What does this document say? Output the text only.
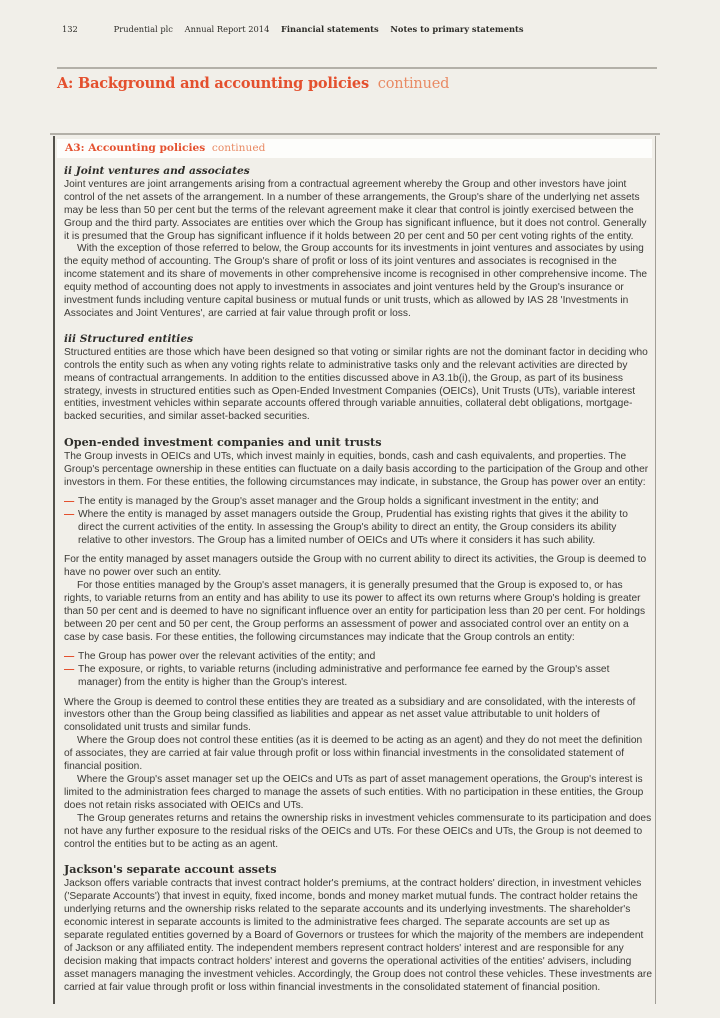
132	Prudential plc Annual Report 2014 Financial statements Notes to primary statements
A: Background and accounting policies continued
A3: Accounting policies continued
ii Joint ventures and associates

Joint ventures are joint arrangements arising from a contractual agreement whereby the Group and other investors have joint control of the net assets of the arrangement. In a number of these arrangements, the Group's share of the underlying net assets may be less than 50 per cent but the terms of the relevant agreement make it clear that control is jointly exercised between the Group and the third party. Associates are entities over which the Group has significant influence, but it does not control. Generally it is presumed that the Group has significant influence if it holds between 20 per cent and 50 per cent voting rights of the entity.

With the exception of those referred to below, the Group accounts for its investments in joint ventures and associates by using the equity method of accounting. The Group's share of profit or loss of its joint ventures and associates is recognised in the income statement and its share of movements in other comprehensive income is recognised in other comprehensive income. The equity method of accounting does not apply to investments in associates and joint ventures held by the Group's insurance or investment funds including venture capital business or mutual funds or unit trusts, which as allowed by IAS 28 'Investments in Associates and Joint Ventures', are carried at fair value through profit or loss.

iii Structured entities

Structured entities are those which have been designed so that voting or similar rights are not the dominant factor in deciding who controls the entity such as when any voting rights relate to administrative tasks only and the relevant activities are directed by means of contractual arrangements. In addition to the entities discussed above in A3.1b(i), the Group, as part of its business strategy, invests in structured entities such as Open-Ended Investment Companies (OEICs), Unit Trusts (UTs), variable interest entities, investment vehicles within separate accounts offered through variable annuities, collateral debt obligations, mortgage-backed securities, and similar asset-backed securities.

Open-ended investment companies and unit trusts

The Group invests in OEICs and UTs, which invest mainly in equities, bonds, cash and cash equivalents, and properties. The Group's percentage ownership in these entities can fluctuate on a daily basis according to the participation of the Group and other investors in them. For these entities, the following circumstances may indicate, in substance, the Group has power over an entity:

— The entity is managed by the Group's asset manager and the Group holds a significant investment in the entity; and
— Where the entity is managed by asset managers outside the Group, Prudential has existing rights that gives it the ability to direct the current activities of the entity. In assessing the Group's ability to direct an entity, the Group considers its ability relative to other investors. The Group has a limited number of OEICs and UTs where it considers it has such ability.

For the entity managed by asset managers outside the Group with no current ability to direct its activities, the Group is deemed to have no power over such an entity.

For those entities managed by the Group's asset managers, it is generally presumed that the Group is exposed to, or has rights, to variable returns from an entity and has ability to use its power to affect its own returns where Group's holding is greater than 50 per cent and is deemed to have no significant influence over an entity for participation less than 20 per cent. For holdings between 20 per cent and 50 per cent, the Group performs an assessment of power and associated control over an entity on a case by case basis. For these entities, the following circumstances may indicate that the Group controls an entity:

— The Group has power over the relevant activities of the entity; and
— The exposure, or rights, to variable returns (including administrative and performance fee earned by the Group's asset manager) from the entity is higher than the Group's interest.

Where the Group is deemed to control these entities they are treated as a subsidiary and are consolidated, with the interests of investors other than the Group being classified as liabilities and appear as net asset value attributable to unit holders of consolidated unit trusts and similar funds.

Where the Group does not control these entities (as it is deemed to be acting as an agent) and they do not meet the definition of associates, they are carried at fair value through profit or loss within financial investments in the consolidated statement of financial position.

Where the Group's asset manager set up the OEICs and UTs as part of asset management operations, the Group's interest is limited to the administration fees charged to manage the assets of such entities. With no participation in these entities, the Group does not retain risks associated with OEICs and UTs.

The Group generates returns and retains the ownership risks in investment vehicles commensurate to its participation and does not have any further exposure to the residual risks of the OEICs and UTs. For these OEICs and UTs, the Group is not deemed to control the entities but to be acting as an agent.

Jackson's separate account assets

Jackson offers variable contracts that invest contract holder's premiums, at the contract holders' direction, in investment vehicles ('Separate Accounts') that invest in equity, fixed income, bonds and money market mutual funds. The contract holder retains the underlying returns and the ownership risks related to the separate accounts and its underlying investments. The shareholder's economic interest in separate accounts is limited to the administrative fees charged. The separate accounts are set up as separate regulated entities governed by a Board of Governors or trustees for which the majority of the members are independent of Jackson or any affiliated entity. The independent members represent contract holders' interest and are responsible for any decision making that impacts contract holders' interest and governs the operational activities of the entities' advisers, including asset managers managing the investment vehicles. Accordingly, the Group does not control these vehicles. These investments are carried at fair value through profit or loss within financial investments in the consolidated statement of financial position.
